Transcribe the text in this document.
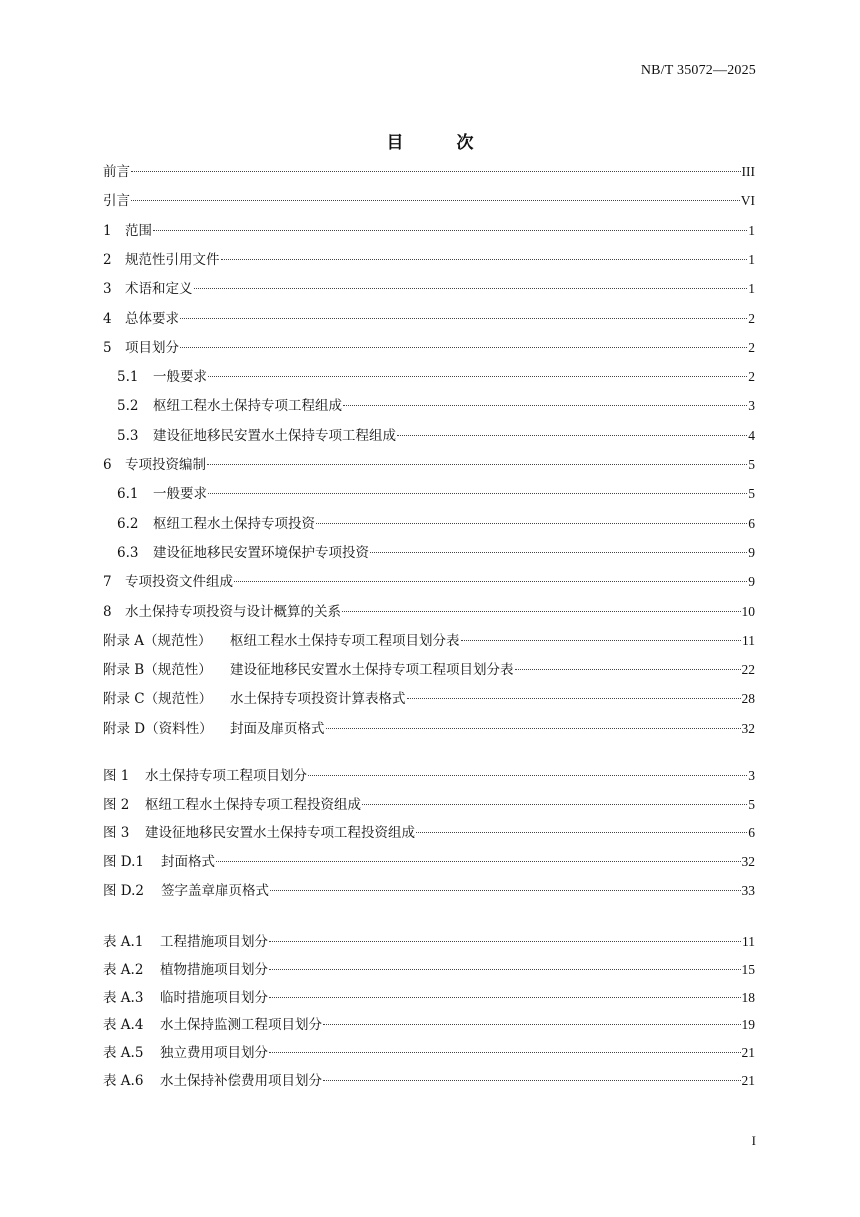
NB/T 35072—2025
目　次
前言	III
引言	VI
1 范围	1
2 规范性引用文件	1
3 术语和定义	1
4 总体要求	2
5 项目划分	2
5.1	一般要求	2
5.2	枢纽工程水土保持专项工程组成	3
5.3	建设征地移民安置水土保持专项工程组成	4
6 专项投资编制	5
6.1	一般要求	5
6.2	枢纽工程水土保持专项投资	6
6.3	建设征地移民安置环境保护专项投资	9
7 专项投资文件组成	9
8 水土保持专项投资与设计概算的关系	10
附录 A（规范性）	枢纽工程水土保持专项工程项目划分表	11
附录 B（规范性）	建设征地移民安置水土保持专项工程项目划分表	22
附录 C（规范性）	水土保持专项投资计算表格式	28
附录 D（资料性）	封面及扉页格式	32
图 1	水土保持专项工程项目划分	3
图 2	枢纽工程水土保持专项工程投资组成	5
图 3	建设征地移民安置水土保持专项工程投资组成	6
图 D.1	封面格式	32
图 D.2	签字盖章扉页格式	33
表 A.1	工程措施项目划分	11
表 A.2	植物措施项目划分	15
表 A.3	临时措施项目划分	18
表 A.4	水土保持监测工程项目划分	19
表 A.5	独立费用项目划分	21
表 A.6	水土保持补偿费用项目划分	21
I
